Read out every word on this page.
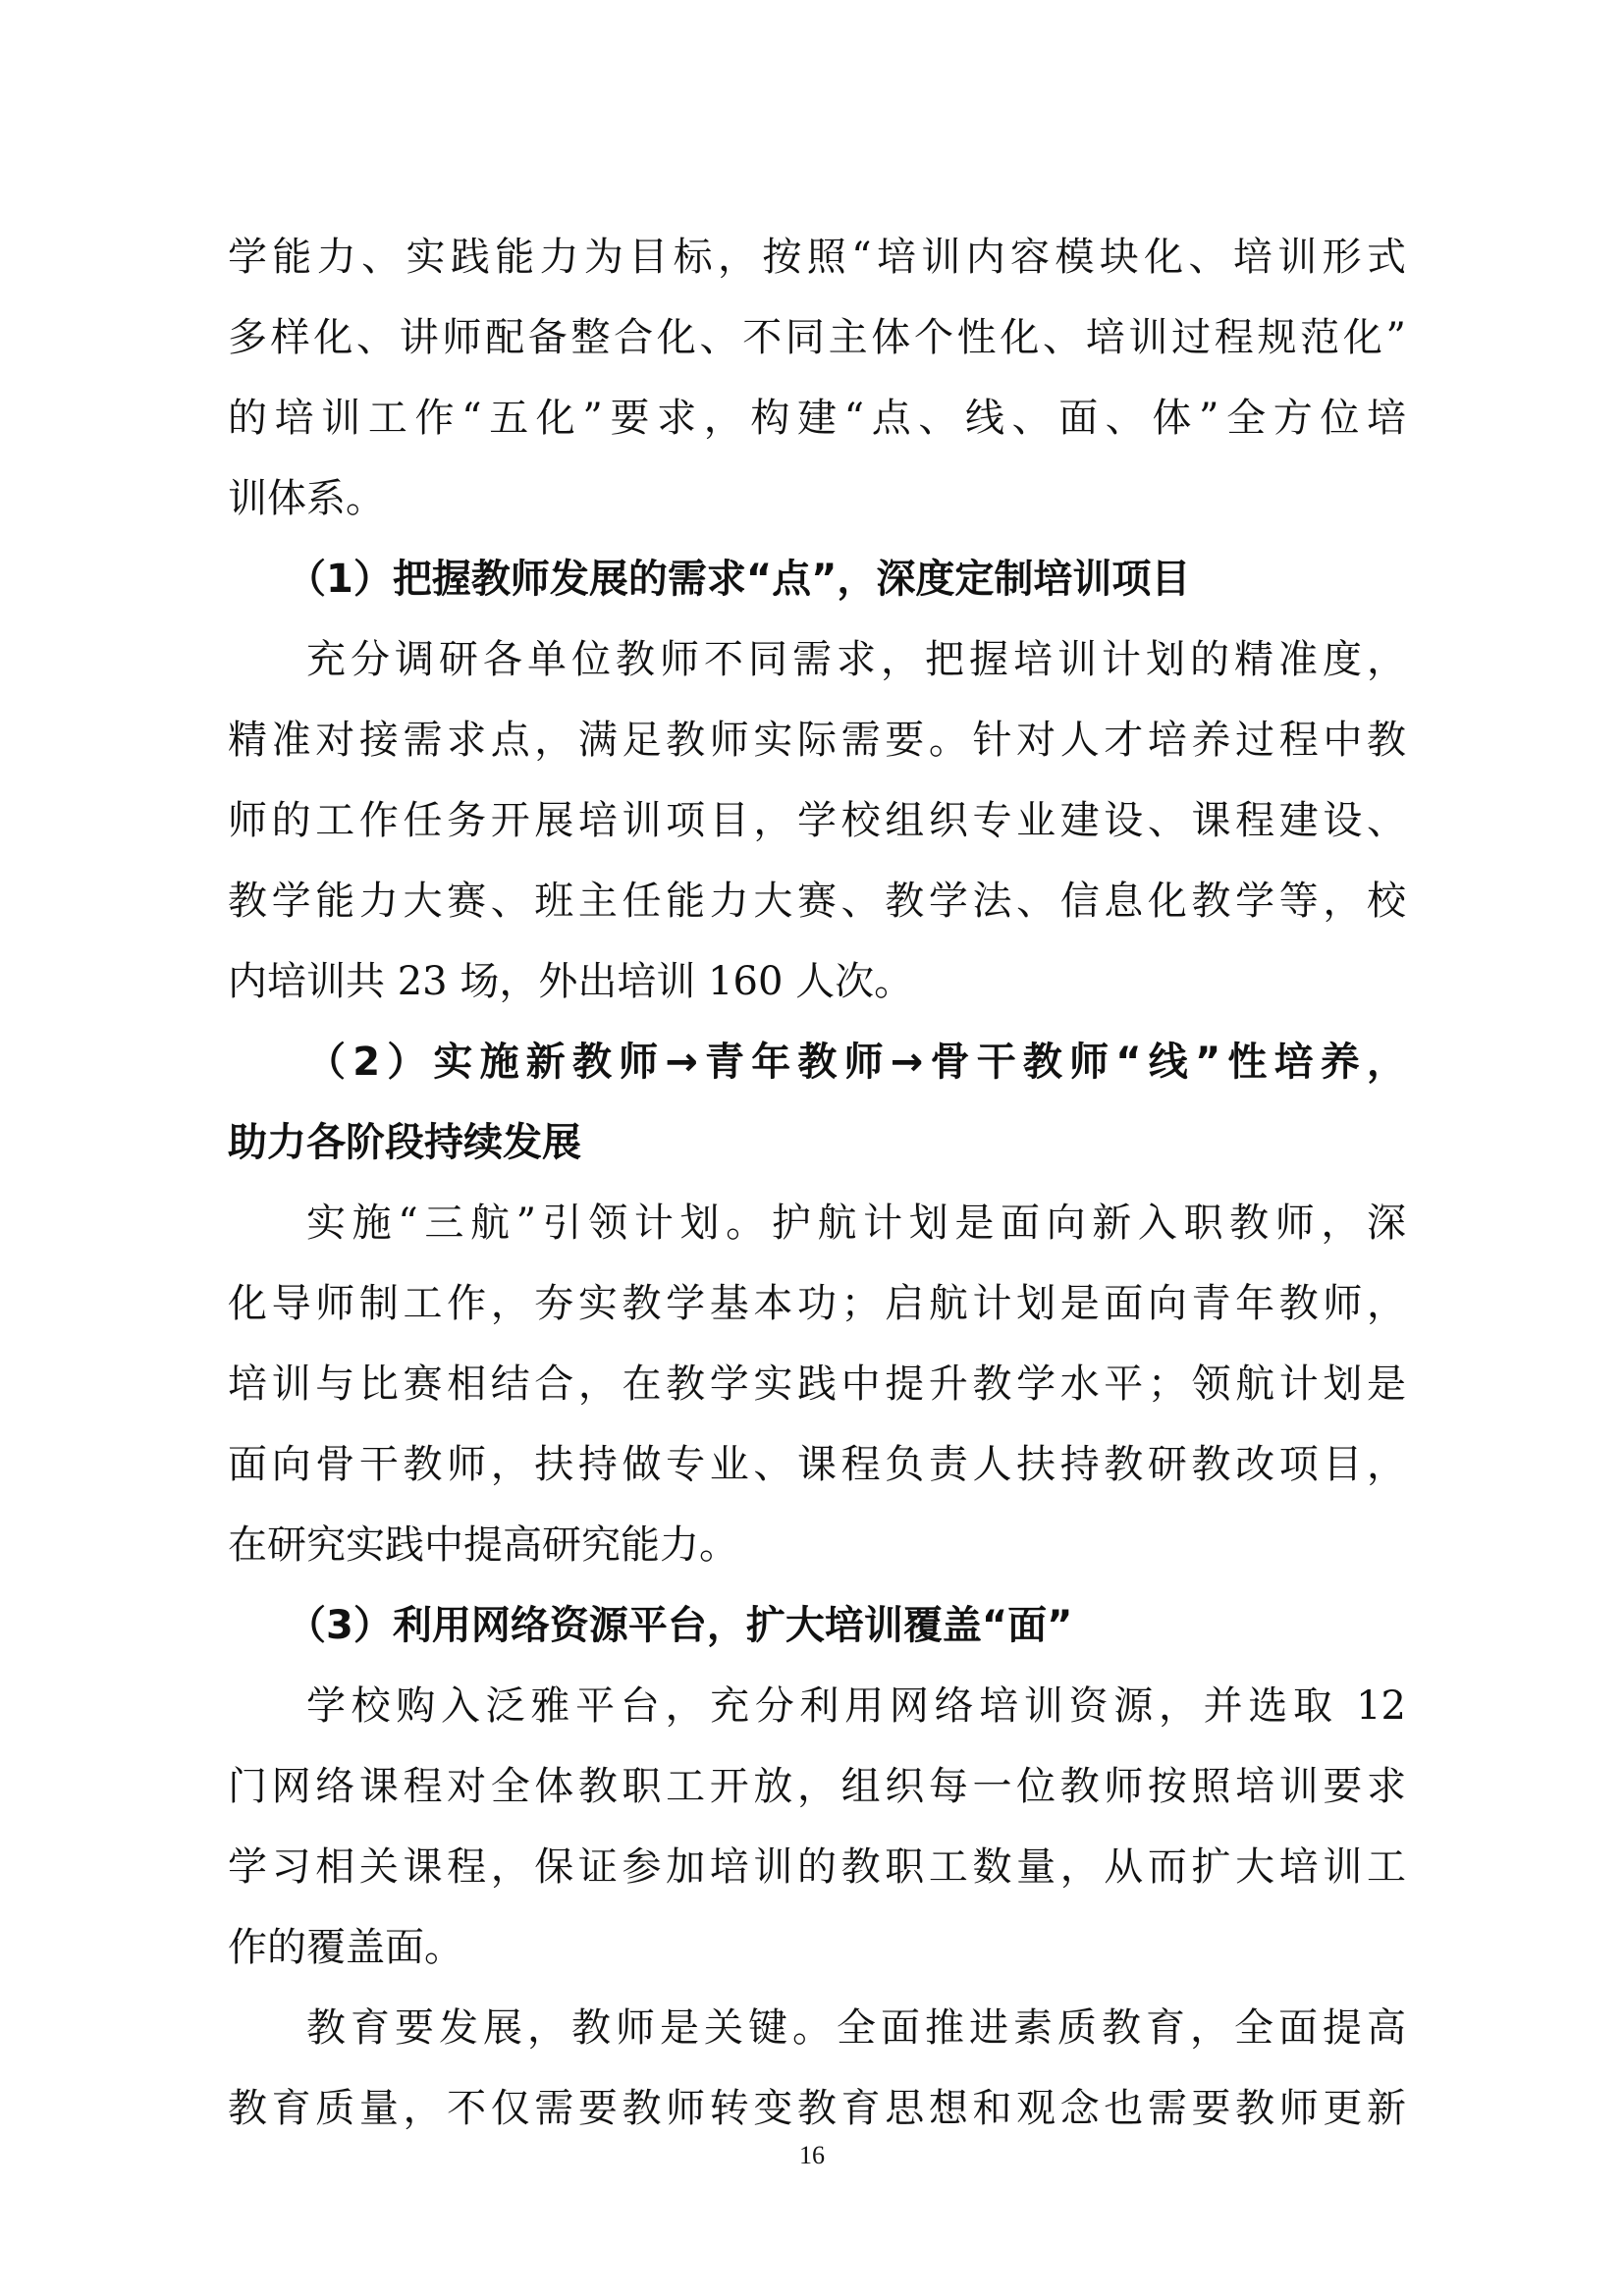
学能力、实践能力为目标，按照“培训内容模块化、培训形式
多样化、讲师配备整合化、不同主体个性化、培训过程规范化”
的培训工作“五化”要求，构建“点、线、面、体”全方位培
训体系。
（1）把握教师发展的需求“点”，深度定制培训项目
充分调研各单位教师不同需求，把握培训计划的精准度，
精准对接需求点，满足教师实际需要。针对人才培养过程中教
师的工作任务开展培训项目，学校组织专业建设、课程建设、
教学能力大赛、班主任能力大赛、教学法、信息化教学等，校
内培训共 23 场，外出培训 160 人次。
（2）实施新教师→青年教师→骨干教师“线”性培养，
助力各阶段持续发展
实施“三航”引领计划。护航计划是面向新入职教师，深
化导师制工作，夯实教学基本功；启航计划是面向青年教师，
培训与比赛相结合，在教学实践中提升教学水平；领航计划是
面向骨干教师，扶持做专业、课程负责人扶持教研教改项目，
在研究实践中提高研究能力。
（3）利用网络资源平台，扩大培训覆盖“面”
学校购入泛雅平台，充分利用网络培训资源，并选取 12
门网络课程对全体教职工开放，组织每一位教师按照培训要求
学习相关课程，保证参加培训的教职工数量，从而扩大培训工
作的覆盖面。
教育要发展，教师是关键。全面推进素质教育，全面提高
教育质量，不仅需要教师转变教育思想和观念也需要教师更新
16
